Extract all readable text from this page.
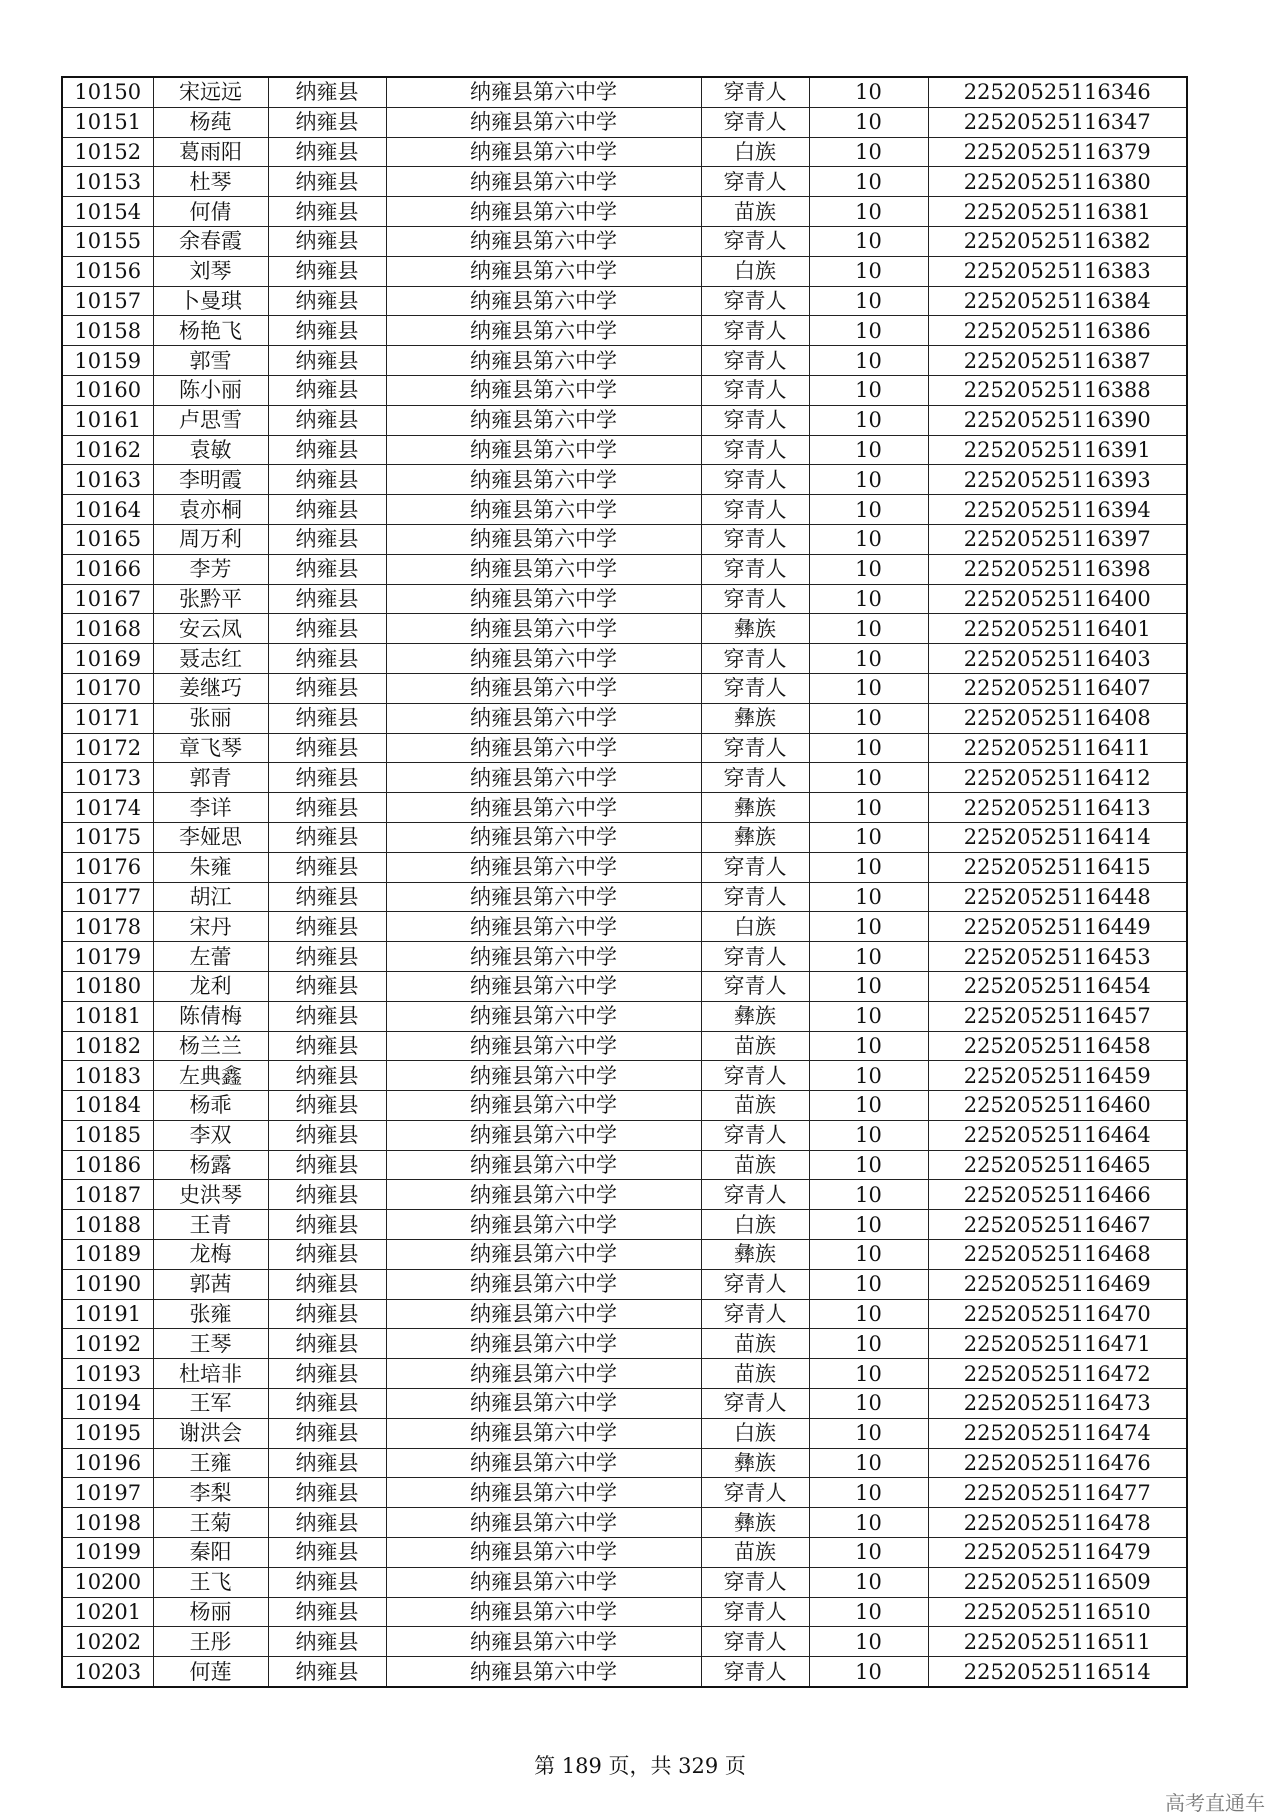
10150	宋远远	纳雍县	纳雍县第六中学	穿青人	10	22520525116346
10151	杨莼	纳雍县	纳雍县第六中学	穿青人	10	22520525116347
10152	葛雨阳	纳雍县	纳雍县第六中学	白族	10	22520525116379
10153	杜琴	纳雍县	纳雍县第六中学	穿青人	10	22520525116380
10154	何倩	纳雍县	纳雍县第六中学	苗族	10	22520525116381
10155	余春霞	纳雍县	纳雍县第六中学	穿青人	10	22520525116382
10156	刘琴	纳雍县	纳雍县第六中学	白族	10	22520525116383
10157	卜曼琪	纳雍县	纳雍县第六中学	穿青人	10	22520525116384
10158	杨艳飞	纳雍县	纳雍县第六中学	穿青人	10	22520525116386
10159	郭雪	纳雍县	纳雍县第六中学	穿青人	10	22520525116387
10160	陈小丽	纳雍县	纳雍县第六中学	穿青人	10	22520525116388
10161	卢思雪	纳雍县	纳雍县第六中学	穿青人	10	22520525116390
10162	袁敏	纳雍县	纳雍县第六中学	穿青人	10	22520525116391
10163	李明霞	纳雍县	纳雍县第六中学	穿青人	10	22520525116393
10164	袁亦桐	纳雍县	纳雍县第六中学	穿青人	10	22520525116394
10165	周万利	纳雍县	纳雍县第六中学	穿青人	10	22520525116397
10166	李芳	纳雍县	纳雍县第六中学	穿青人	10	22520525116398
10167	张黔平	纳雍县	纳雍县第六中学	穿青人	10	22520525116400
10168	安云凤	纳雍县	纳雍县第六中学	彝族	10	22520525116401
10169	聂志红	纳雍县	纳雍县第六中学	穿青人	10	22520525116403
10170	姜继巧	纳雍县	纳雍县第六中学	穿青人	10	22520525116407
10171	张丽	纳雍县	纳雍县第六中学	彝族	10	22520525116408
10172	章飞琴	纳雍县	纳雍县第六中学	穿青人	10	22520525116411
10173	郭青	纳雍县	纳雍县第六中学	穿青人	10	22520525116412
10174	李详	纳雍县	纳雍县第六中学	彝族	10	22520525116413
10175	李娅思	纳雍县	纳雍县第六中学	彝族	10	22520525116414
10176	朱雍	纳雍县	纳雍县第六中学	穿青人	10	22520525116415
10177	胡江	纳雍县	纳雍县第六中学	穿青人	10	22520525116448
10178	宋丹	纳雍县	纳雍县第六中学	白族	10	22520525116449
10179	左蕾	纳雍县	纳雍县第六中学	穿青人	10	22520525116453
10180	龙利	纳雍县	纳雍县第六中学	穿青人	10	22520525116454
10181	陈倩梅	纳雍县	纳雍县第六中学	彝族	10	22520525116457
10182	杨兰兰	纳雍县	纳雍县第六中学	苗族	10	22520525116458
10183	左典鑫	纳雍县	纳雍县第六中学	穿青人	10	22520525116459
10184	杨乖	纳雍县	纳雍县第六中学	苗族	10	22520525116460
10185	李双	纳雍县	纳雍县第六中学	穿青人	10	22520525116464
10186	杨露	纳雍县	纳雍县第六中学	苗族	10	22520525116465
10187	史洪琴	纳雍县	纳雍县第六中学	穿青人	10	22520525116466
10188	王青	纳雍县	纳雍县第六中学	白族	10	22520525116467
10189	龙梅	纳雍县	纳雍县第六中学	彝族	10	22520525116468
10190	郭茜	纳雍县	纳雍县第六中学	穿青人	10	22520525116469
10191	张雍	纳雍县	纳雍县第六中学	穿青人	10	22520525116470
10192	王琴	纳雍县	纳雍县第六中学	苗族	10	22520525116471
10193	杜培非	纳雍县	纳雍县第六中学	苗族	10	22520525116472
10194	王军	纳雍县	纳雍县第六中学	穿青人	10	22520525116473
10195	谢洪会	纳雍县	纳雍县第六中学	白族	10	22520525116474
10196	王雍	纳雍县	纳雍县第六中学	彝族	10	22520525116476
10197	李梨	纳雍县	纳雍县第六中学	穿青人	10	22520525116477
10198	王菊	纳雍县	纳雍县第六中学	彝族	10	22520525116478
10199	秦阳	纳雍县	纳雍县第六中学	苗族	10	22520525116479
10200	王飞	纳雍县	纳雍县第六中学	穿青人	10	22520525116509
10201	杨丽	纳雍县	纳雍县第六中学	穿青人	10	22520525116510
10202	王彤	纳雍县	纳雍县第六中学	穿青人	10	22520525116511
10203	何莲	纳雍县	纳雍县第六中学	穿青人	10	22520525116514
第 189 页，共 329 页
高考直通车
